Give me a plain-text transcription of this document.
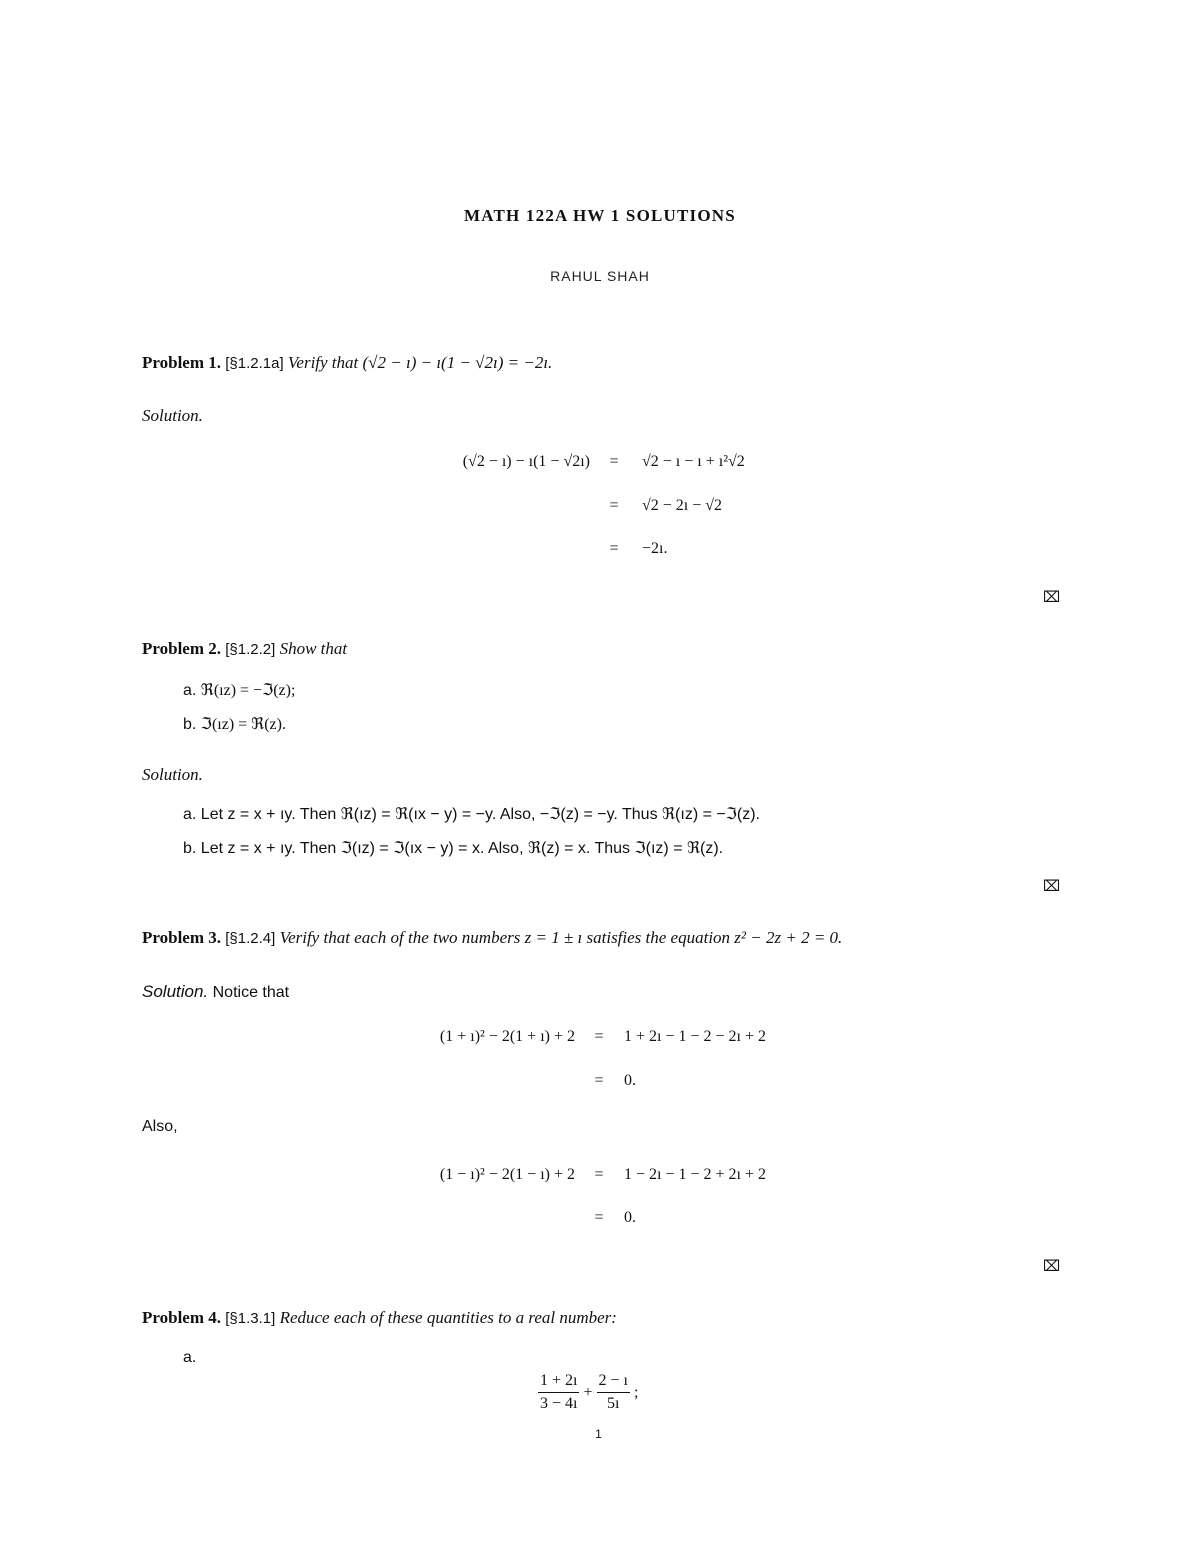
MATH 122A HW 1 SOLUTIONS
RAHUL SHAH
Problem 1. [§1.2.1a] Verify that (√2 − ı) − ı(1 − √2ı) = −2ı.
Solution.
(√2 − ı) − ı(1 − √2ı)	=	√2 − ı − ı + ı²√2
=	√2 − 2ı − √2
=	−2ı.
⌧
Problem 2. [§1.2.2] Show that
a. ℜ(ız) = −ℑ(z);
b. ℑ(ız) = ℜ(z).
Solution.
a. Let z = x + ıy. Then ℜ(ız) = ℜ(ıx − y) = −y. Also, −ℑ(z) = −y. Thus ℜ(ız) = −ℑ(z).
b. Let z = x + ıy. Then ℑ(ız) = ℑ(ıx − y) = x. Also, ℜ(z) = x. Thus ℑ(ız) = ℜ(z).
⌧
Problem 3. [§1.2.4] Verify that each of the two numbers z = 1 ± ı satisfies the equation z² − 2z + 2 = 0.
Solution. Notice that
(1 + ı)² − 2(1 + ı) + 2	=	1 + 2ı − 1 − 2 − 2ı + 2
=	0.
Also,
(1 − ı)² − 2(1 − ı) + 2	=	1 − 2ı − 1 − 2 + 2ı + 2
=	0.
⌧
Problem 4. [§1.3.1] Reduce each of these quantities to a real number:
a.
$\frac{1 + 2ı}{3 - 4ı} + \frac{2 - ı}{5ı}$ ;
1
